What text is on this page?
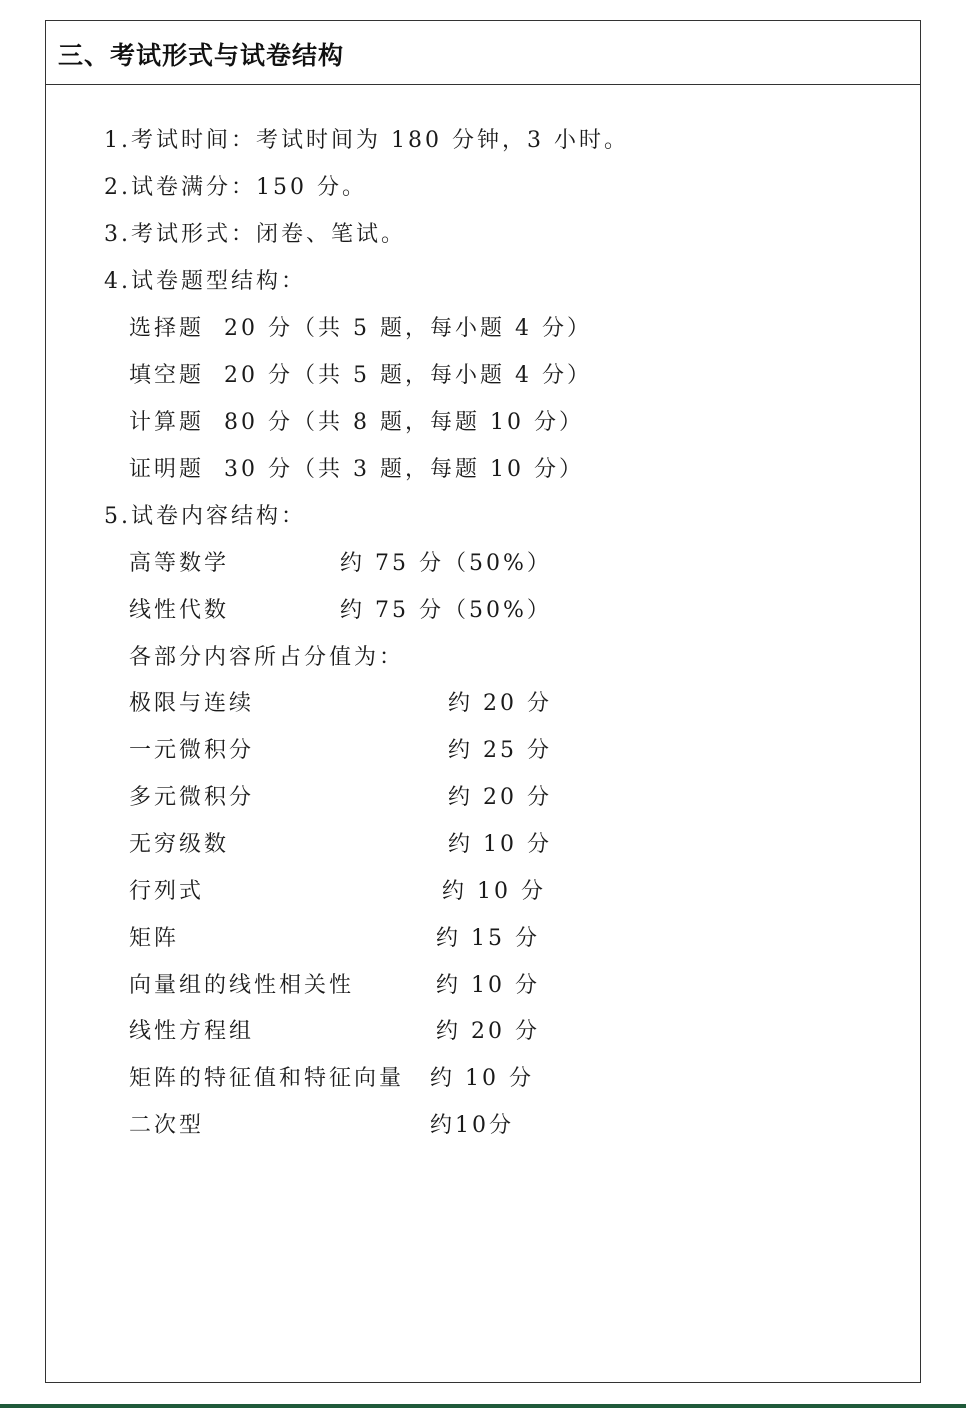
三、考试形式与试卷结构
1.考试时间：考试时间为 180 分钟，3 小时。
2.试卷满分：150 分。
3.考试形式：闭卷、笔试。
4.试卷题型结构：
选择题 20 分（共 5 题，每小题 4 分）
填空题 20 分（共 5 题，每小题 4 分）
计算题 80 分（共 8 题，每题 10 分）
证明题 30 分（共 3 题，每题 10 分）
5.试卷内容结构：
高等数学	约 75 分（50%）
线性代数	约 75 分（50%）
各部分内容所占分值为：
极限与连续	约 20 分
一元微积分	约 25 分
多元微积分	约 20 分
无穷级数	约 10 分
行列式	约 10 分
矩阵	约 15 分
向量组的线性相关性	约 10 分
线性方程组	约 20 分
矩阵的特征值和特征向量 约 10 分
二次型	约10分
